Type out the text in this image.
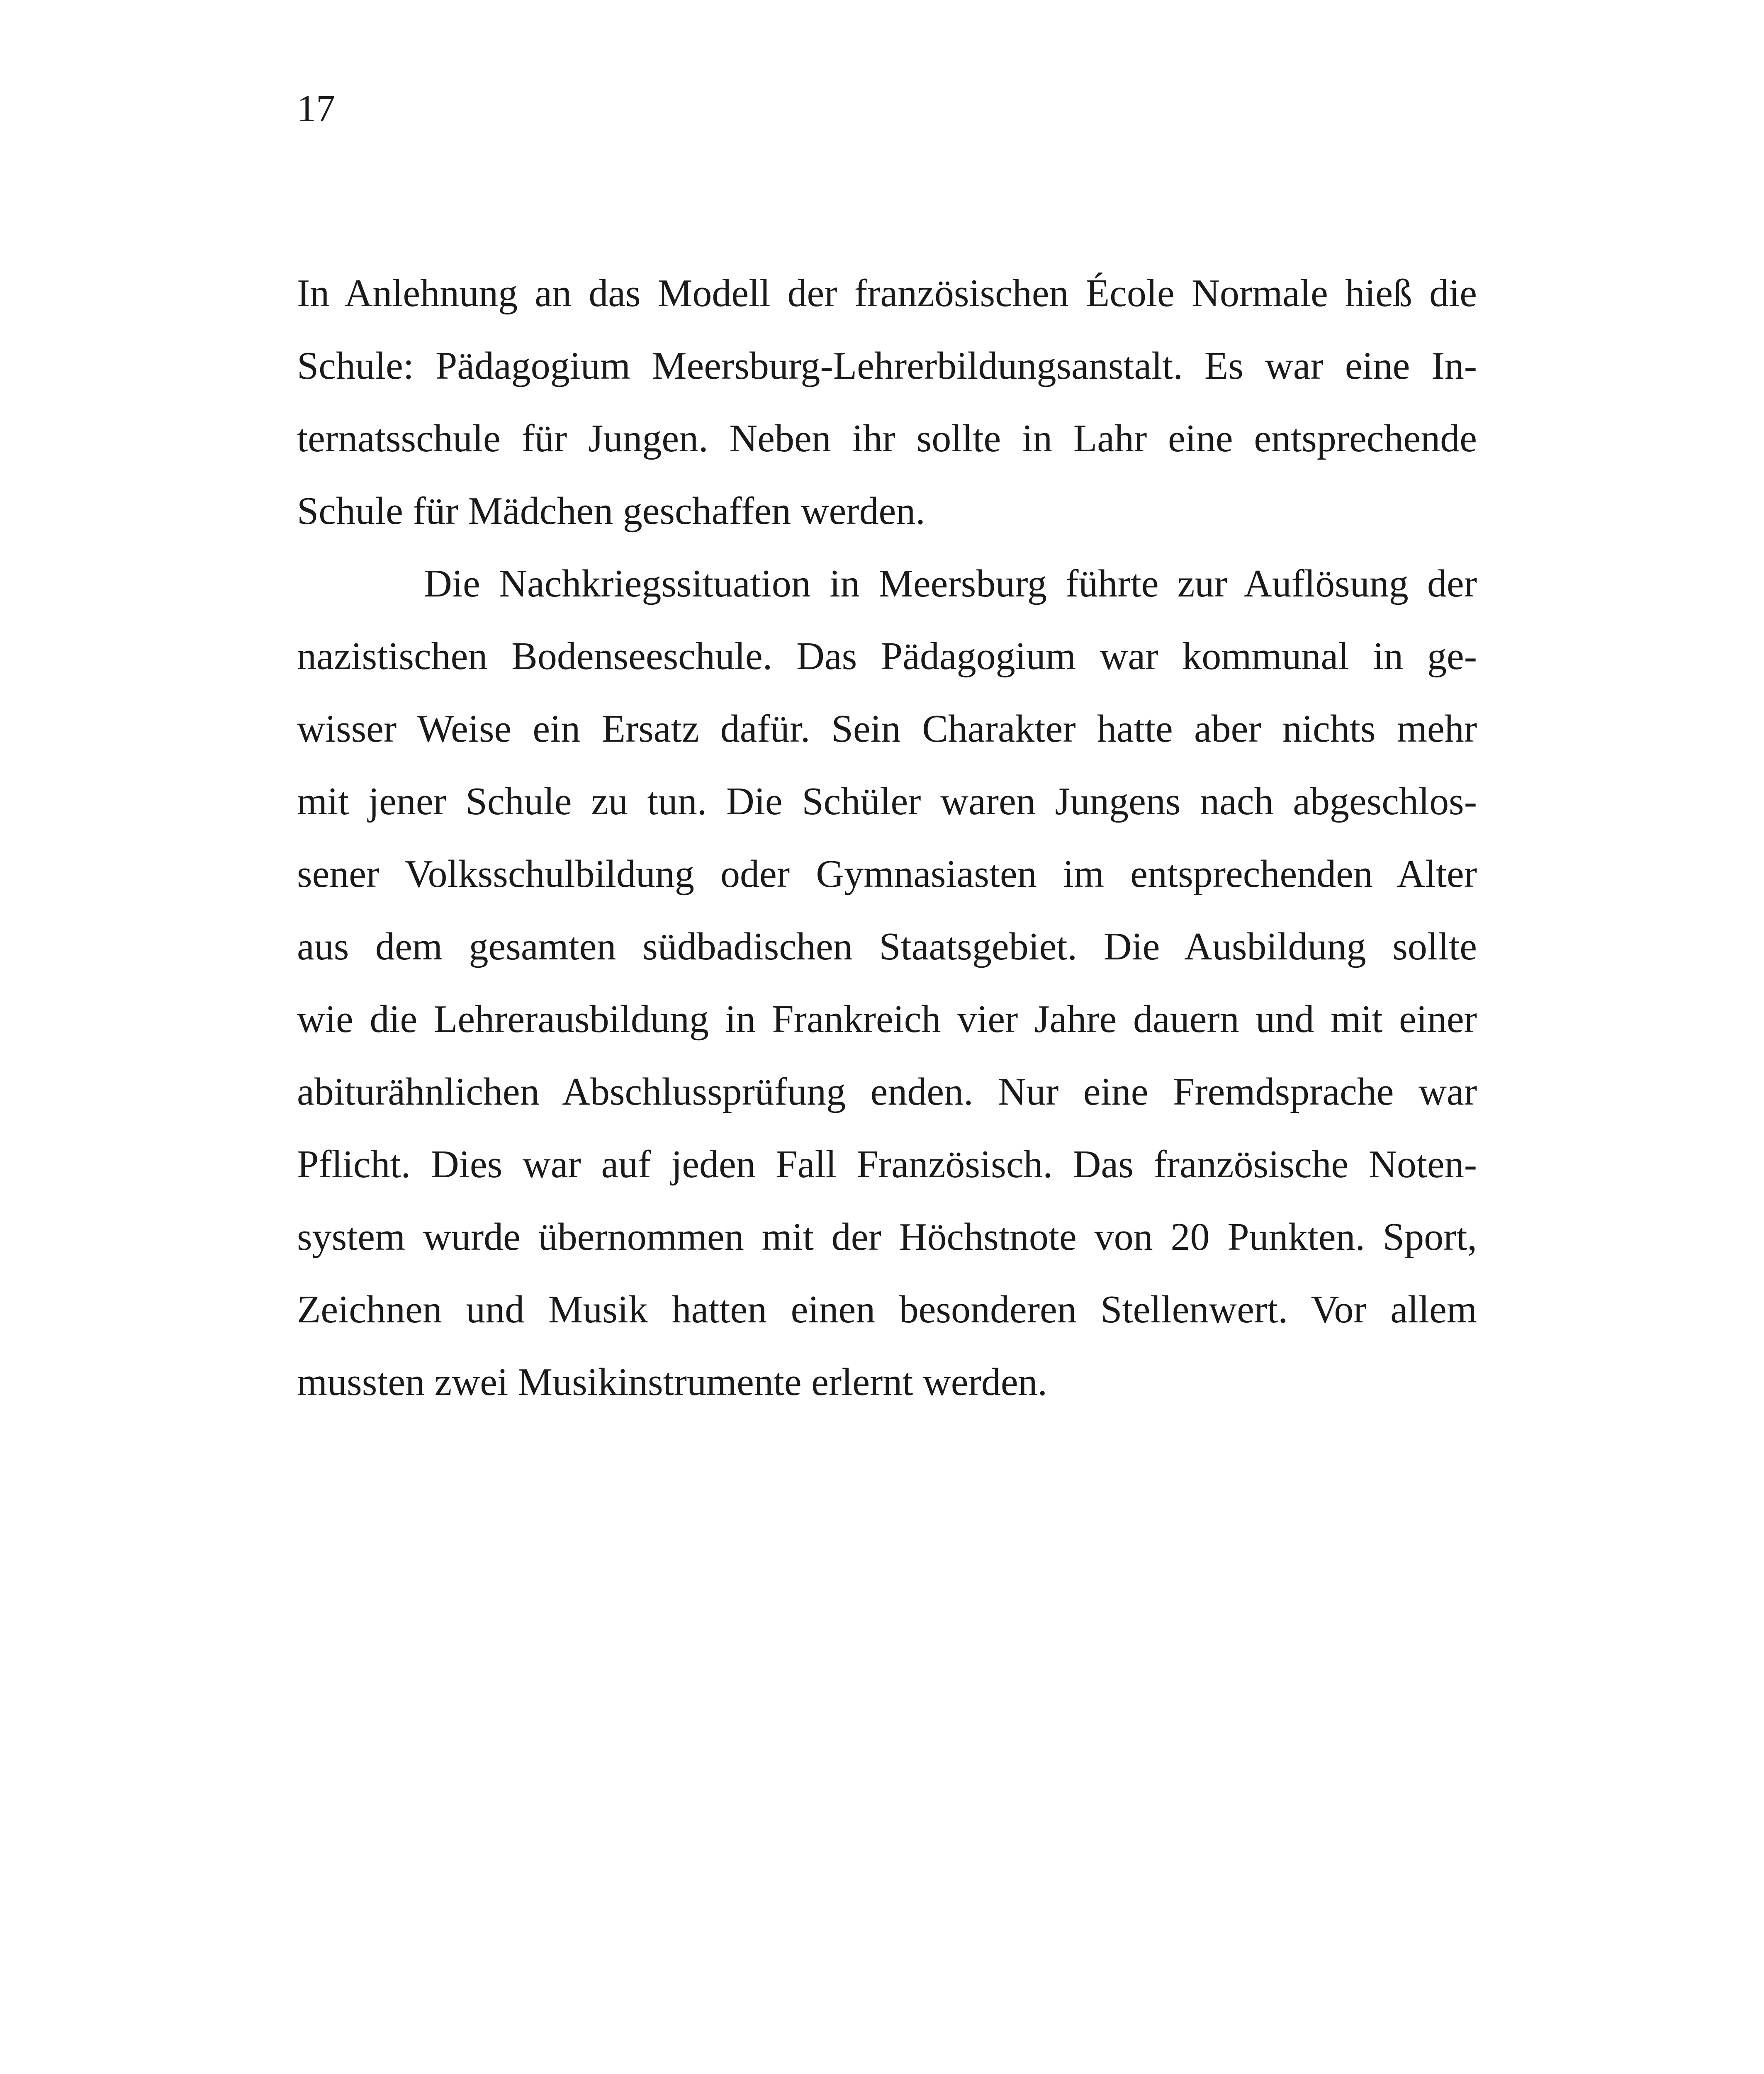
17
In Anlehnung an das Modell der französischen École Normale hieß die
Schule: Pädagogium Meersburg-Lehrerbildungsanstalt. Es war eine In-
ternatsschule für Jungen. Neben ihr sollte in Lahr eine entsprechende
Schule für Mädchen geschaffen werden.
Die Nachkriegssituation in Meersburg führte zur Auflösung der
nazistischen Bodenseeschule. Das Pädagogium war kommunal in ge-
wisser Weise ein Ersatz dafür. Sein Charakter hatte aber nichts mehr
mit jener Schule zu tun. Die Schüler waren Jungens nach abgeschlos-
sener Volksschulbildung oder Gymnasiasten im entsprechenden Alter
aus dem gesamten südbadischen Staatsgebiet. Die Ausbildung sollte
wie die Lehrerausbildung in Frankreich vier Jahre dauern und mit einer
abiturähnlichen Abschlussprüfung enden. Nur eine Fremdsprache war
Pflicht. Dies war auf jeden Fall Französisch. Das französische Noten-
system wurde übernommen mit der Höchstnote von 20 Punkten. Sport,
Zeichnen und Musik hatten einen besonderen Stellenwert. Vor allem
mussten zwei Musikinstrumente erlernt werden.
